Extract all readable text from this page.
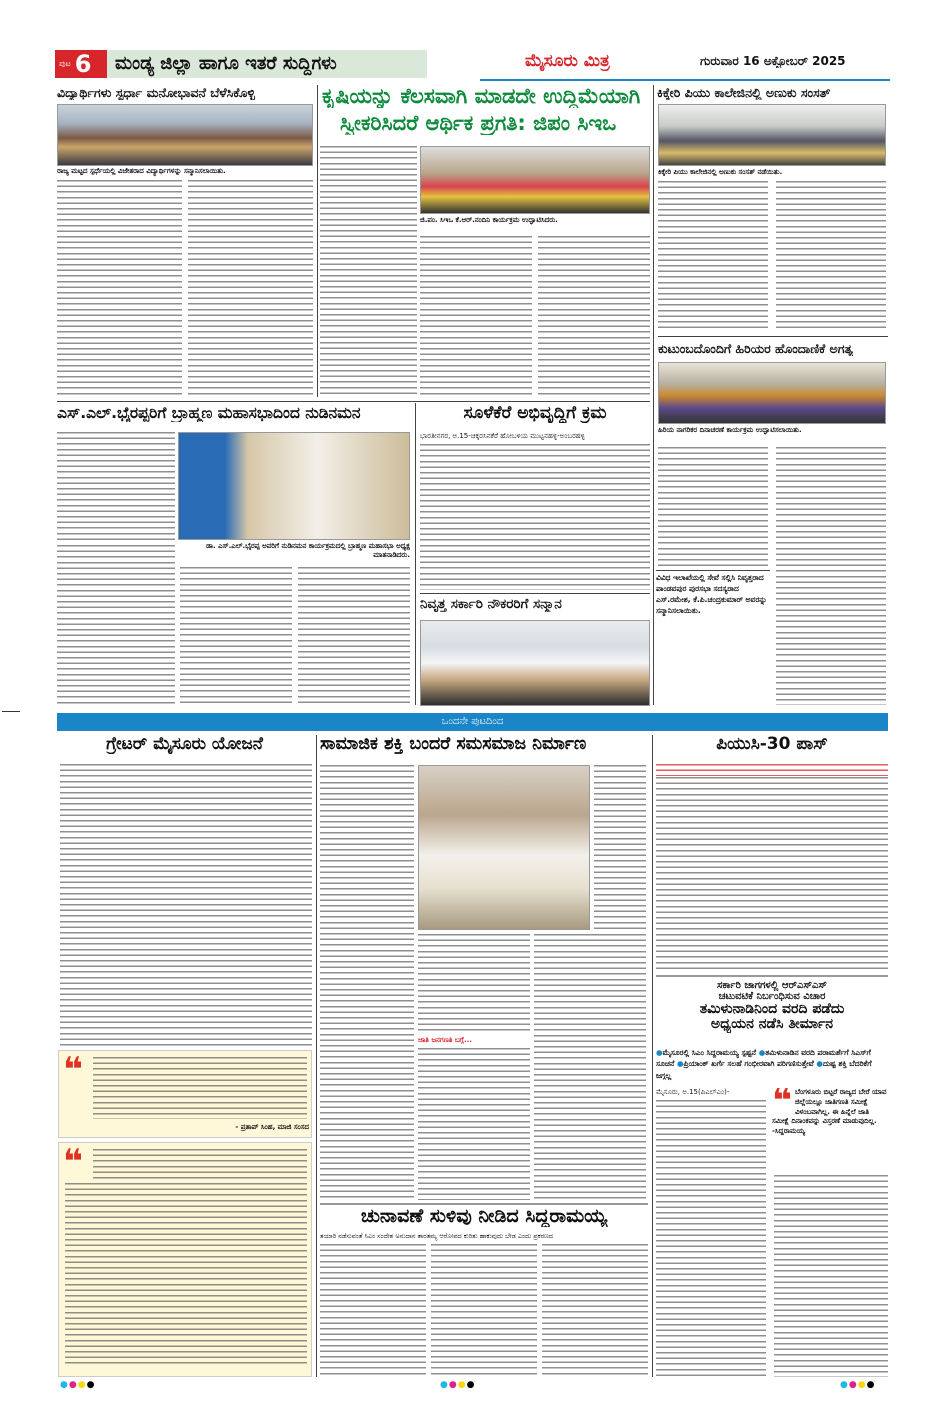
ಪುಟ 6	ಮಂಡ್ಯ ಜಿಲ್ಲಾ ಹಾಗೂ ಇತರೆ ಸುದ್ದಿಗಳು	ಮೈಸೂರು ಮಿತ್ರ	ಗುರುವಾರ 16 ಅಕ್ಟೋಬರ್ 2025
ವಿದ್ಯಾರ್ಥಿಗಳು ಸ್ಪರ್ಧಾ ಮನೋಭಾವನೆ ಬೆಳೆಸಿಕೊಳ್ಳಿ
ರಾಜ್ಯ ಮಟ್ಟದ ಸ್ಪರ್ಧೆಯಲ್ಲಿ ವಿಜೇತರಾದ ವಿದ್ಯಾರ್ಥಿಗಳನ್ನು ಸನ್ಮಾನಿಸಲಾಯಿತು.
ಕೃಷಿಯನ್ನು ಕೆಲಸವಾಗಿ ಮಾಡದೇ ಉದ್ದಿಮೆಯಾಗಿ
ಸ್ವೀಕರಿಸಿದರೆ ಆರ್ಥಿಕ ಪ್ರಗತಿ: ಜಿಪಂ ಸಿಇಒ
ಜಿ.ಪಂ. ಸಿಇಒ ಕೆ.ಆರ್.ನಂದಿನಿ ಕಾರ್ಯಕ್ರಮ ಉದ್ಘಾಟಿಸಿದರು.
ಕಿಕ್ಕೇರಿ ಪಿಯು ಕಾಲೇಜಿನಲ್ಲಿ ಅಣುಕು ಸಂಸತ್
ಕಿಕ್ಕೇರಿ ಪಿಯು ಕಾಲೇಜಿನಲ್ಲಿ ಅಣುಕು ಸಂಸತ್ ನಡೆಯಿತು.
ಕುಟುಂಬದೊಂದಿಗೆ ಹಿರಿಯರ ಹೊಂದಾಣಿಕೆ ಅಗತ್ಯ
ಹಿರಿಯ ನಾಗರಿಕರ ದಿನಾಚರಣೆ ಕಾರ್ಯಕ್ರಮ ಉದ್ಘಾಟಿಸಲಾಯಿತು.
ವಿವಿಧ ಇಲಾಖೆಯಲ್ಲಿ ಸೇವೆ ಸಲ್ಲಿಸಿ ನಿವೃತ್ತರಾದ ಪಾಂಡವಪುರ ಪುರಸಭಾ ಸದಸ್ಯರಾದ ಎಸ್.ರಮೇಶ, ಕೆ.ಪಿ.ಚಂದ್ರಕುಮಾರ್ ಅವರನ್ನು ಸನ್ಮಾನಿಸಲಾಯಿತು.
ಎಸ್.ಎಲ್.ಭೈರಪ್ಪರಿಗೆ ಬ್ರಾಹ್ಮಣ ಮಹಾಸಭಾದಿಂದ ನುಡಿನಮನ
ಡಾ. ಎಸ್.ಎಲ್.ಭೈರಪ್ಪ ಅವರಿಗೆ ನುಡಿನಮನ ಕಾರ್ಯಕ್ರಮದಲ್ಲಿ ಬ್ರಾಹ್ಮಣ ಮಹಾಸಭಾ ಅಧ್ಯಕ್ಷ ಮಾತನಾಡಿದರು.
ಸೂಳೆಕೆರೆ ಅಭಿವೃದ್ಧಿಗೆ ಕ್ರಮ
ಭಾರತೀನಗರ, ಅ.15-ಚಿಕ್ಕರಸಿನಕೆರೆ ಹೋಬಳಿಯ ಮುಟ್ಟನಹಳ್ಳಿ-ಅಂಬರಹಳ್ಳಿ
ನಿವೃತ್ತ ಸರ್ಕಾರಿ ನೌಕರರಿಗೆ ಸನ್ಮಾನ
ಒಂದನೇ ಪುಟದಿಂದ
ಗ್ರೇಟರ್ ಮೈಸೂರು ಯೋಜನೆ
❝
- ಪ್ರತಾಪ್ ಸಿಂಹ, ಮಾಜಿ ಸಂಸದ
❝
ಸಾಮಾಜಿಕ ಶಕ್ತಿ ಬಂದರೆ ಸಮಸಮಾಜ ನಿರ್ಮಾಣ
ಜಾತಿ ಜನಗಣತಿ ಬಗ್ಗೆ...
ಚುನಾವಣೆ ಸುಳಿವು ನೀಡಿದ ಸಿದ್ದರಾಮಯ್ಯ
ತಯಾರಿ ನಡೆಸುವಂತೆ ಸಿಎಂ ಸಂದೇಶ ಅನುದಾನ ತಾರತಮ್ಯ ಆರೋಪದ ಕುರಿತು ಹಾಕುವುದು ಬೇಡ ಎಂದು ಪ್ರಕರಣದ
ಪಿಯುಸಿ-30 ಪಾಸ್
ಸರ್ಕಾರಿ ಜಾಗಗಳಲ್ಲಿ ಆರ್‌ಎಸ್‌ಎಸ್
ಚಟುವಟಿಕೆ ನಿರ್ಬಂಧಿಸುವ ವಿಚಾರ
ತಮಿಳುನಾಡಿನಿಂದ ವರದಿ ಪಡೆದು
ಅಧ್ಯಯನ ನಡೆಸಿ ತೀರ್ಮಾನ
●ಮೈಸೂರಲ್ಲಿ ಸಿಎಂ ಸಿದ್ದರಾಮಯ್ಯ ಸ್ಪಷ್ಟನೆ ●ತಮಿಳುನಾಡಿನ ವರದಿ ಪರಾಮರ್ಶೆಗೆ ಸಿಎಸ್‌ಗೆ ಸೂಚನೆ ●ಪ್ರಿಯಾಂಕ್ ಖರ್ಗೆ ಸಲಹೆ ಗಂಭೀರವಾಗಿ ಪರಿಗಣಿಸುತ್ತೇವೆ ●ದುಷ್ಟ ಶಕ್ತಿ ಬೆದರಿಕೆಗೆ ಜಗ್ಗಲ್ಲ
ಮೈಸೂರು, ಅ.15(ಪಿಎಲ್‌ಎಂ)-	❝ ಬೆಂಗಳೂರು ಬಿಟ್ಟರೆ ರಾಜ್ಯದ ಬೇರೆ ಯಾವ ಜಿಲ್ಲೆಯಲ್ಲೂ ಜಾತಿಗಣತಿ ಸಮೀಕ್ಷೆ ವಿಳಂಬವಾಗಿಲ್ಲ. ಈ ಹಿನ್ನೆಲೆ ಜಾತಿ ಸಮೀಕ್ಷೆ ದಿನಾಂಕವನ್ನು ವಿಸ್ತರಣೆ ಮಾಡುವುದಿಲ್ಲ. -ಸಿದ್ದರಾಮಯ್ಯ
●●●●	●●●●	●●●●
